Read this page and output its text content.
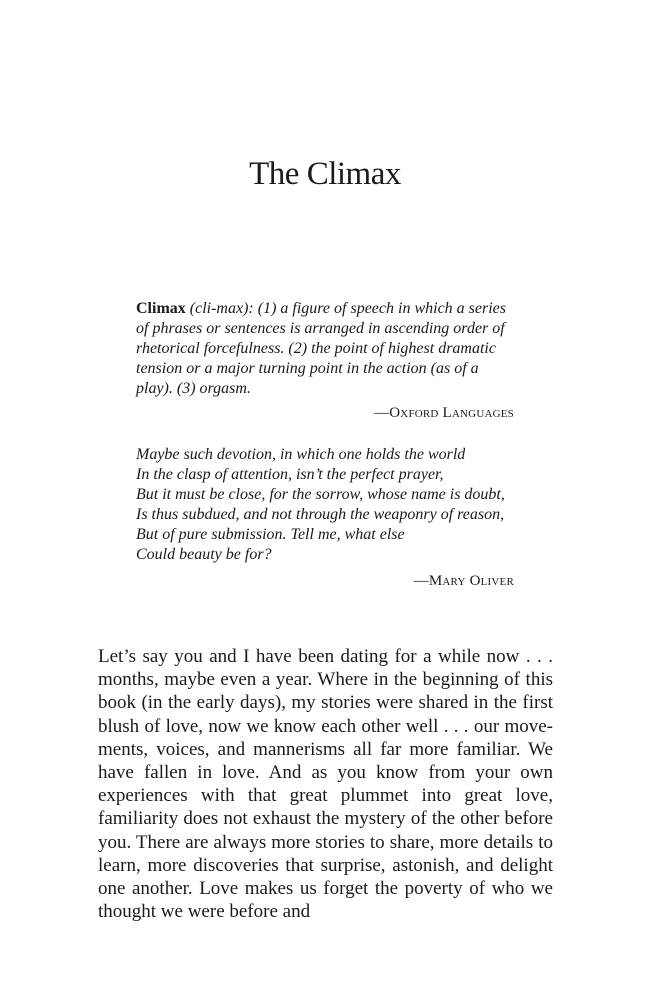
The Climax
Climax (cli-max): (1) a figure of speech in which a series of phrases or sentences is arranged in ascending order of rhetorical forcefulness. (2) the point of highest dramatic tension or a major turning point in the action (as of a play). (3) orgasm.
—Oxford Languages
Maybe such devotion, in which one holds the world
In the clasp of attention, isn’t the perfect prayer,
But it must be close, for the sorrow, whose name is doubt,
Is thus subdued, and not through the weaponry of reason,
But of pure submission. Tell me, what else
Could beauty be for?
—Mary Oliver

Let’s say you and I have been dating for a while now . . . months, maybe even a year. Where in the beginning of this book (in the early days), my stories were shared in the first blush of love, now we know each other well . . . our movements, voices, and mannerisms all far more familiar. We have fallen in love. And as you know from your own experiences with that great plummet into great love, familiarity does not exhaust the mystery of the other before you. There are always more stories to share, more details to learn, more discoveries that surprise, astonish, and delight one another. Love makes us forget the poverty of who we thought we were before and
